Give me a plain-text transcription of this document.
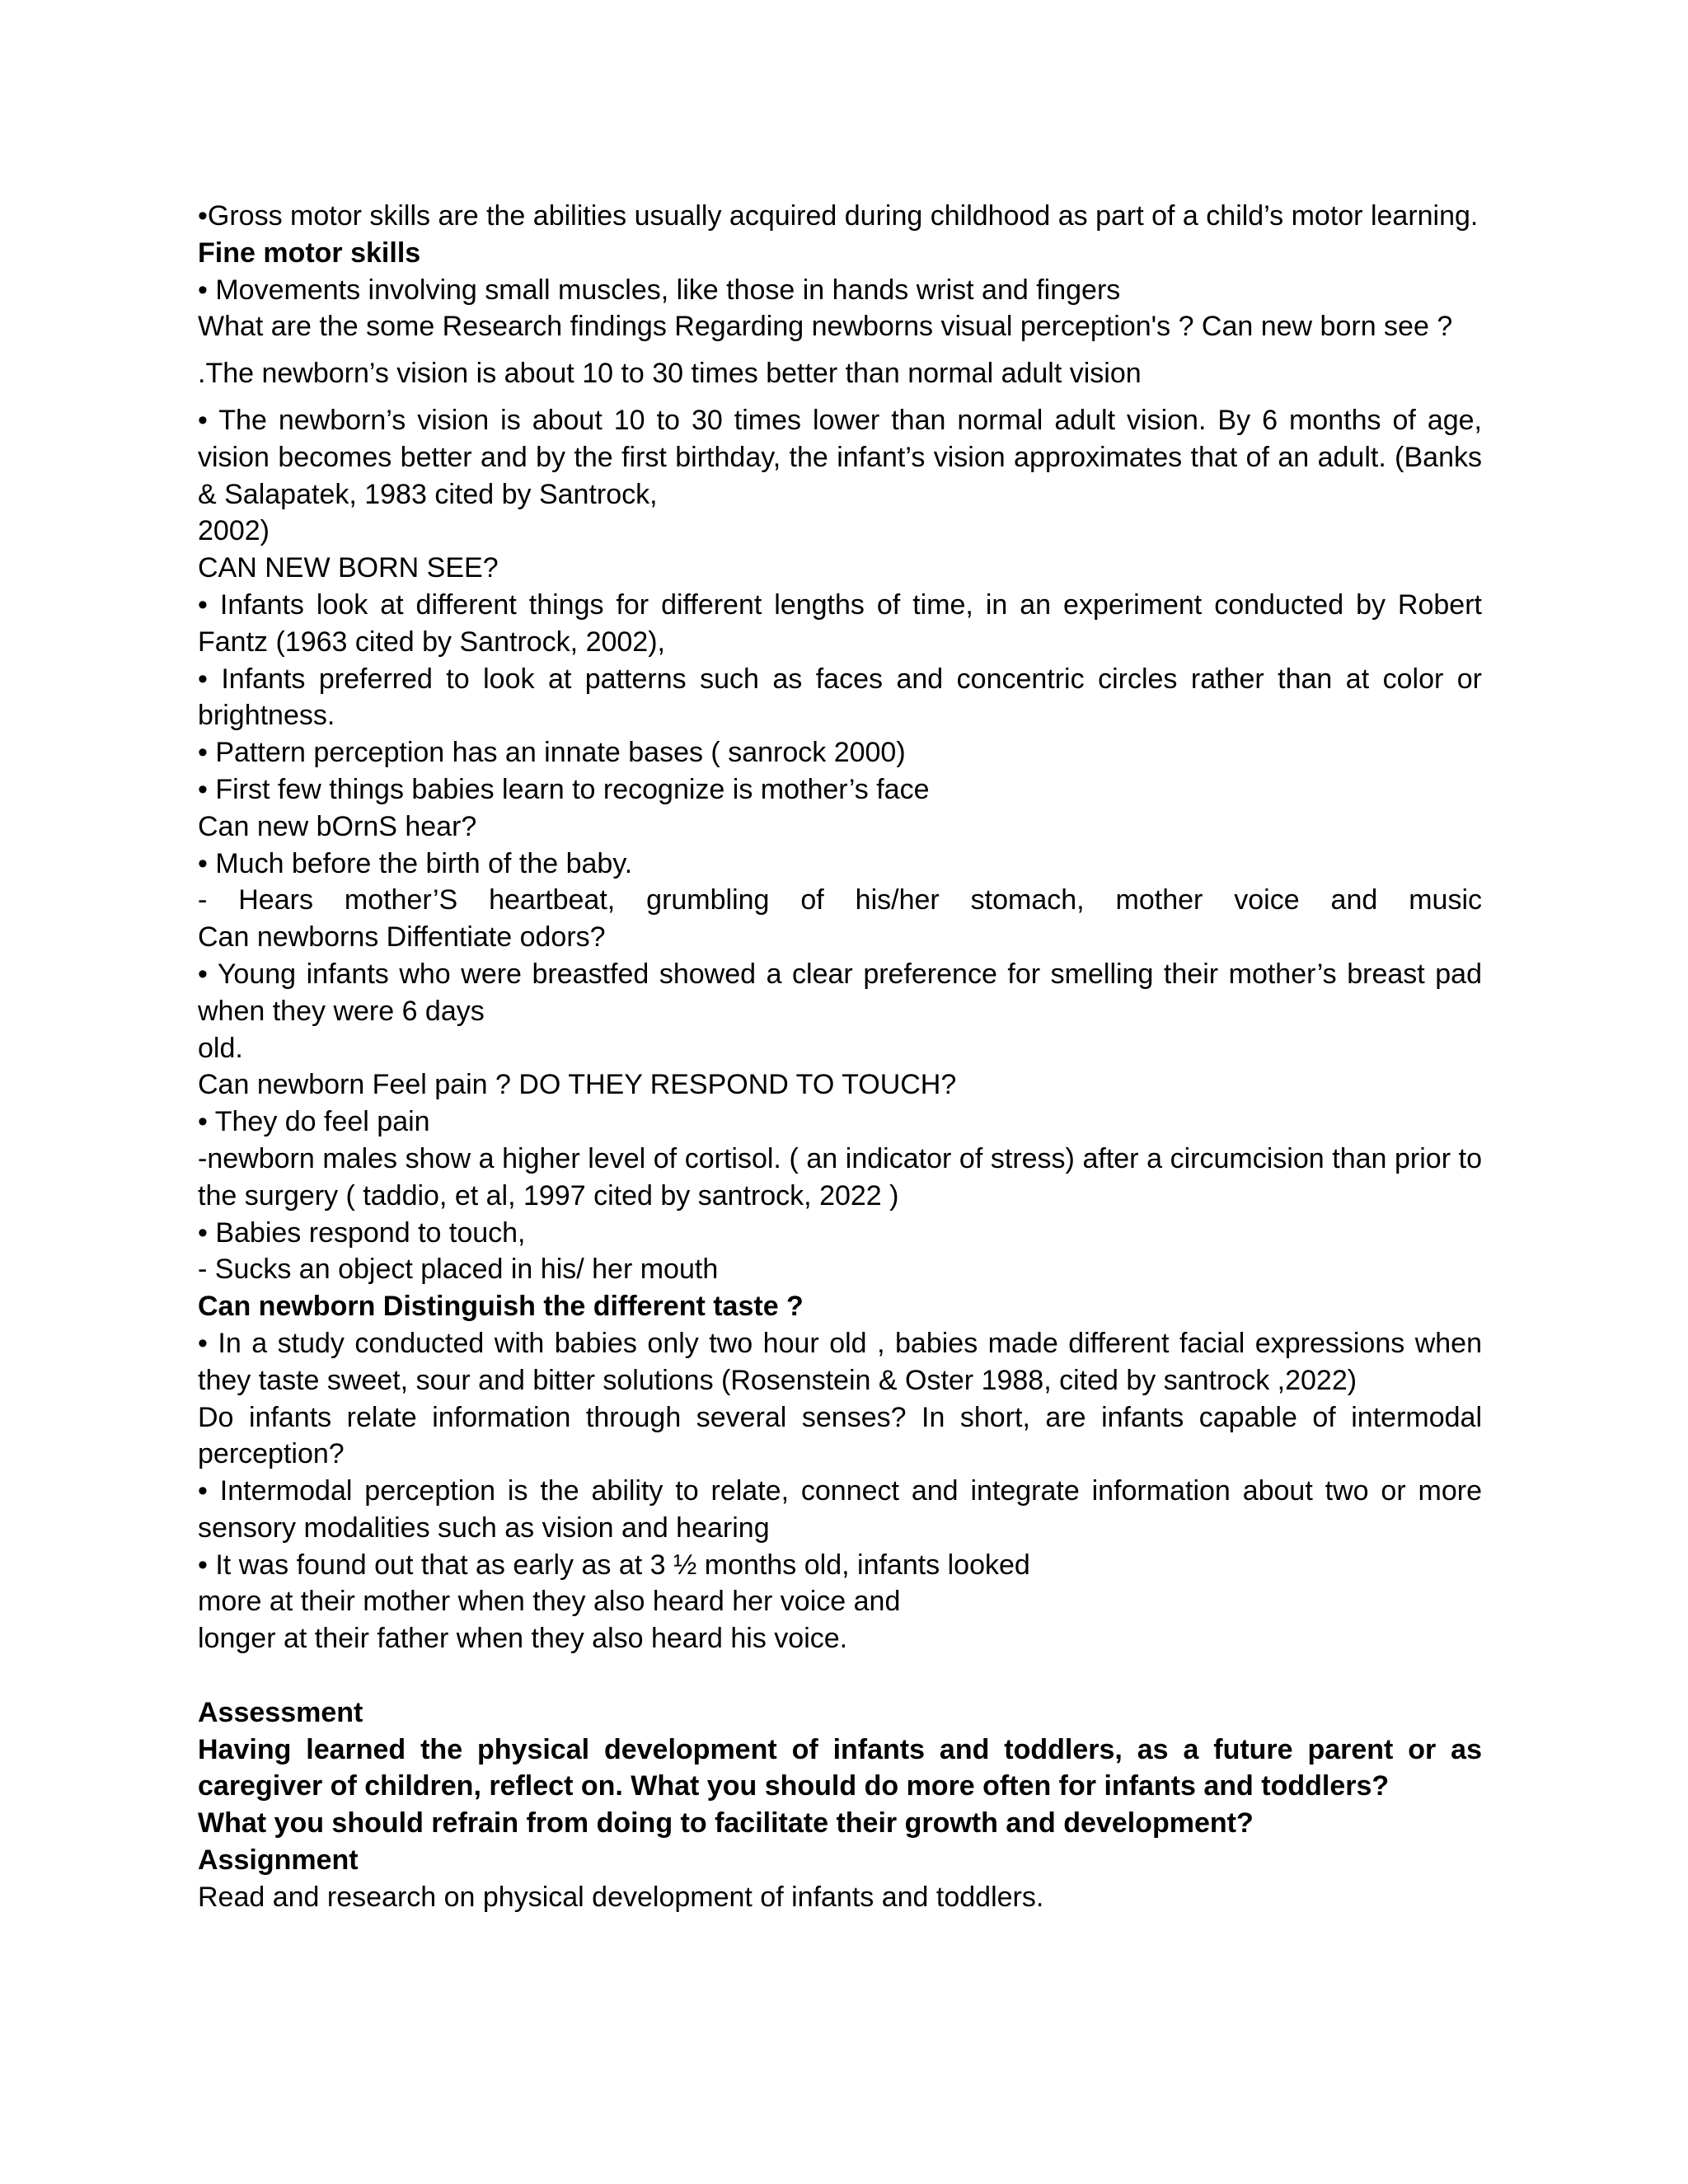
•Gross motor skills are the abilities usually acquired during childhood as part of a child’s motor learning.

Fine motor skills

• Movements involving small muscles, like those in hands wrist and fingers

What are the some Research findings Regarding newborns visual perception's ? Can new born see ?

.The newborn’s vision is about 10 to 30 times better than normal adult vision

• The newborn’s vision is about 10 to 30 times lower than normal adult vision. By 6 months of age, vision becomes better and by the first birthday, the infant’s vision approximates that of an adult. (Banks & Salapatek, 1983 cited by Santrock,

2002)

CAN NEW BORN SEE?

• Infants look at different things for different lengths of time, in an experiment conducted by Robert Fantz (1963 cited by Santrock, 2002),

• Infants preferred to look at patterns such as faces and concentric circles rather than at color or brightness.

• Pattern perception has an innate bases ( sanrock 2000)

• First few things babies learn to recognize is mother’s face

Can new bOrnS hear?

• Much before the birth of the baby.

- Hears mother’S heartbeat, grumbling of his/her stomach, mother voice and music

Can newborns Diffentiate odors?

• Young infants who were breastfed showed a clear preference for smelling their mother’s breast pad when they were 6 days

old.

Can newborn Feel pain ? DO THEY RESPOND TO TOUCH?

• They do feel pain

-newborn males show a higher level of cortisol. ( an indicator of stress) after a circumcision than prior to the surgery ( taddio, et al, 1997 cited by santrock, 2022 )

• Babies respond to touch,

- Sucks an object placed in his/ her mouth

Can newborn Distinguish the different taste ?

• In a study conducted with babies only two hour old , babies made different facial expressions when they taste sweet, sour and bitter solutions (Rosenstein & Oster 1988, cited by santrock ,2022)

Do infants relate information through several senses? In short, are infants capable of intermodal perception?

• Intermodal perception is the ability to relate, connect and integrate information about two or more sensory modalities such as vision and hearing

• It was found out that as early as at 3 ½ months old, infants looked

more at their mother when they also heard her voice and

longer at their father when they also heard his voice.

Assessment

Having learned the physical development of infants and toddlers, as a future parent or as caregiver of children, reflect on. What you should do more often for infants and toddlers?

What you should refrain from doing to facilitate their growth and development?

Assignment

Read and research on physical development of infants and toddlers.
